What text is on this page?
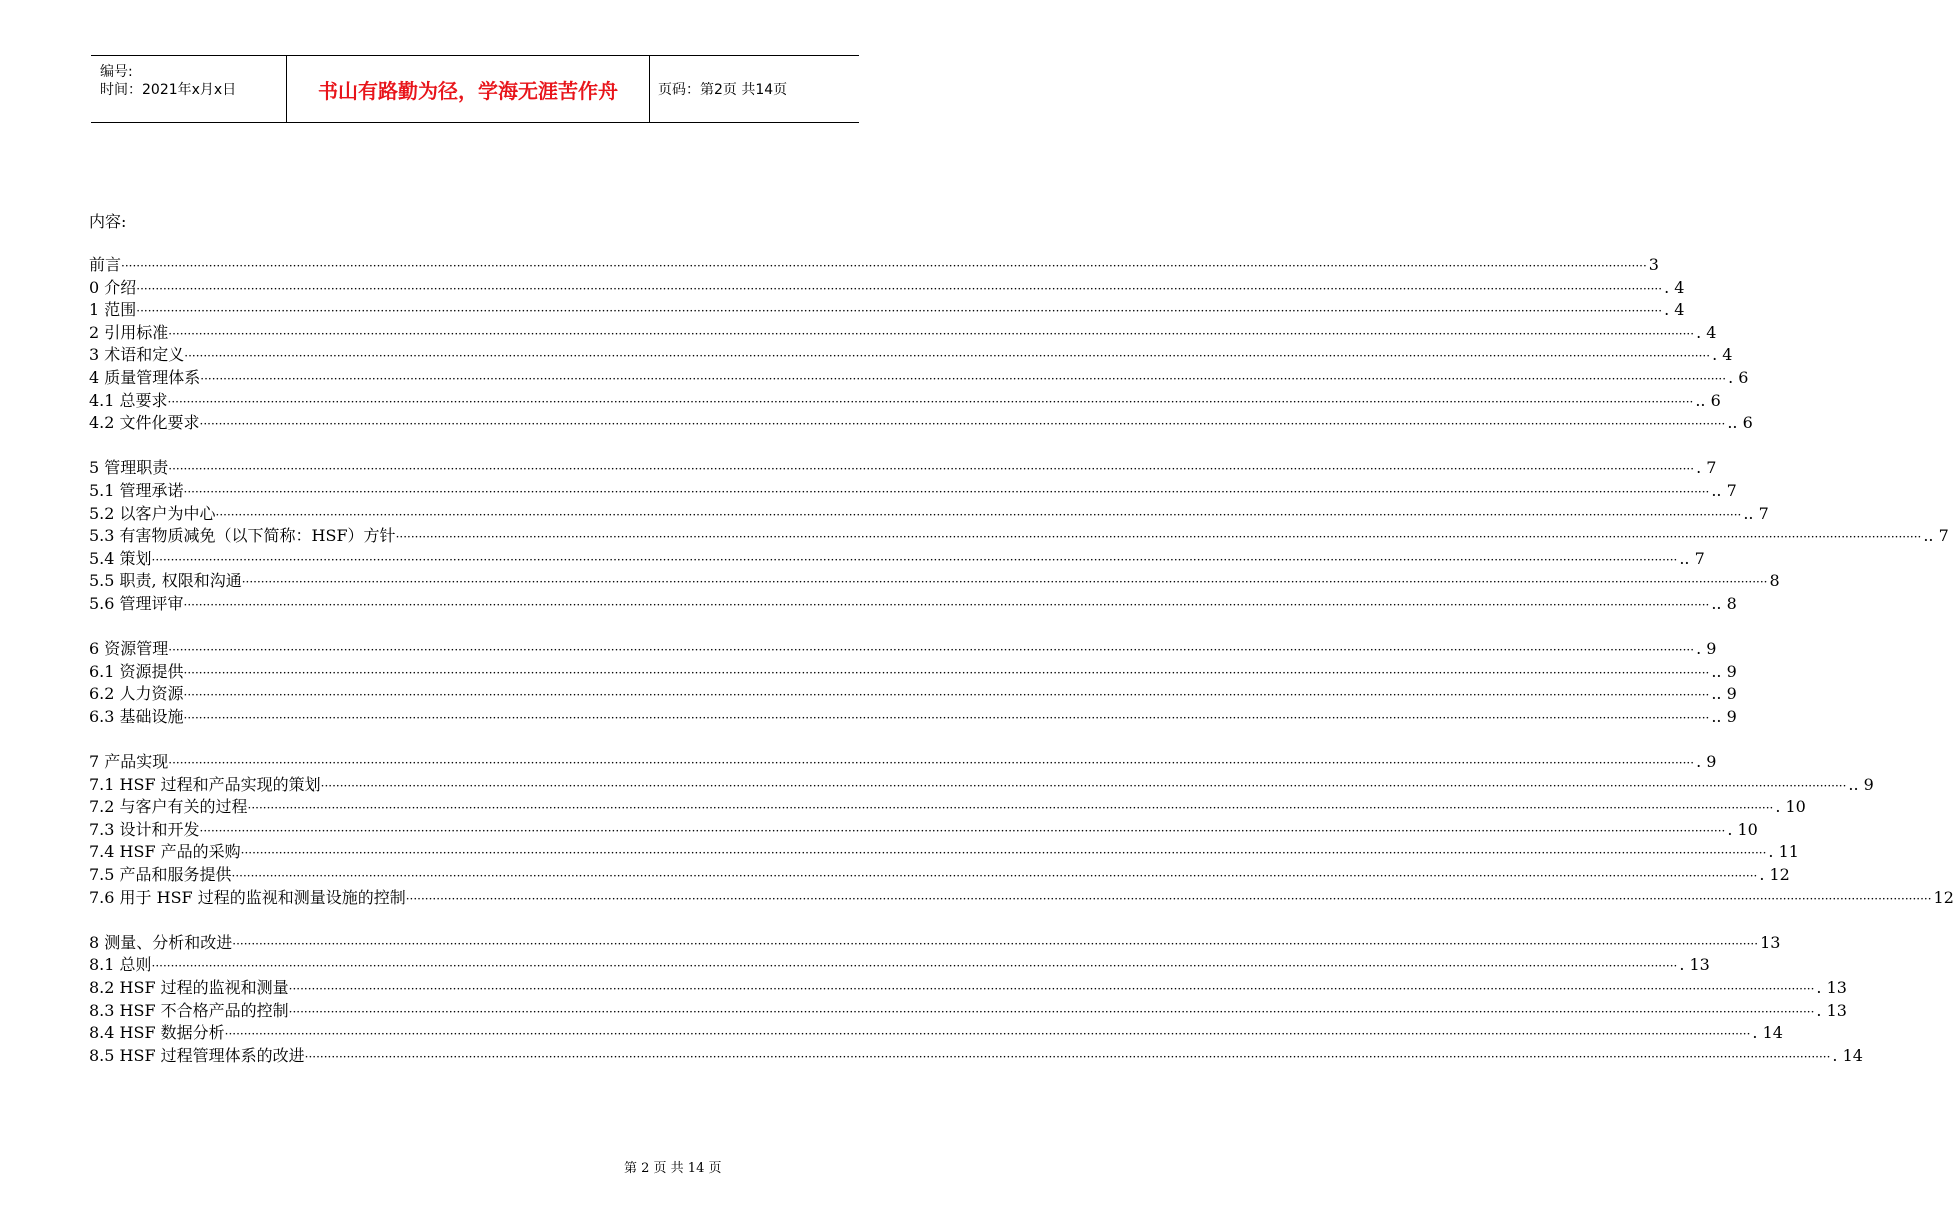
编号:
时间：2021年x月x日	书山有路勤为径，学海无涯苦作舟	页码：第2页 共14页
内容:
前言 ················································································································································································································································································································································································································ 3
0 介绍 ················································································································································································································································································································································································································ . 4
1 范围 ················································································································································································································································································································································································································ . 4
2 引用标准 ················································································································································································································································································································································································································ . 4
3 术语和定义 ················································································································································································································································································································································································································ . 4
4 质量管理体系 ················································································································································································································································································································································································································ . 6
4.1 总要求 ················································································································································································································································································································································································································ .. 6
4.2 文件化要求 ················································································································································································································································································································································································································ .. 6
5 管理职责 ················································································································································································································································································································································································································ . 7
5.1 管理承诺 ················································································································································································································································································································································································································ .. 7
5.2 以客户为中心 ················································································································································································································································································································································································································ .. 7
5.3 有害物质减免（以下简称：HSF）方针 ················································································································································································································································································································································································································ .. 7
5.4 策划 ················································································································································································································································································································································································································ .. 7
5.5 职责, 权限和沟通 ················································································································································································································································································································································································································ 8
5.6 管理评审 ················································································································································································································································································································································································································ .. 8
6 资源管理 ················································································································································································································································································································································································································ . 9
6.1 资源提供 ················································································································································································································································································································································································································ .. 9
6.2 人力资源 ················································································································································································································································································································································································································ .. 9
6.3 基础设施 ················································································································································································································································································································································································································ .. 9
7 产品实现 ················································································································································································································································································································································································································ . 9
7.1 HSF 过程和产品实现的策划 ················································································································································································································································································································································································································ .. 9
7.2 与客户有关的过程 ················································································································································································································································································································································································································ . 10
7.3 设计和开发 ················································································································································································································································································································································································································ . 10
7.4 HSF 产品的采购 ················································································································································································································································································································································································································ . 11
7.5 产品和服务提供 ················································································································································································································································································································································································································ . 12
7.6 用于 HSF 过程的监视和测量设施的控制 ················································································································································································································································································································································································································ 12
8 测量、分析和改进 ················································································································································································································································································································································································································ 13
8.1 总则 ················································································································································································································································································································································································································ . 13
8.2 HSF 过程的监视和测量 ················································································································································································································································································································································································································ . 13
8.3 HSF 不合格产品的控制 ················································································································································································································································································································································································································ . 13
8.4 HSF 数据分析 ················································································································································································································································································································································································································ . 14
8.5 HSF 过程管理体系的改进 ················································································································································································································································································································································································································ . 14
第 2 页 共 14 页
